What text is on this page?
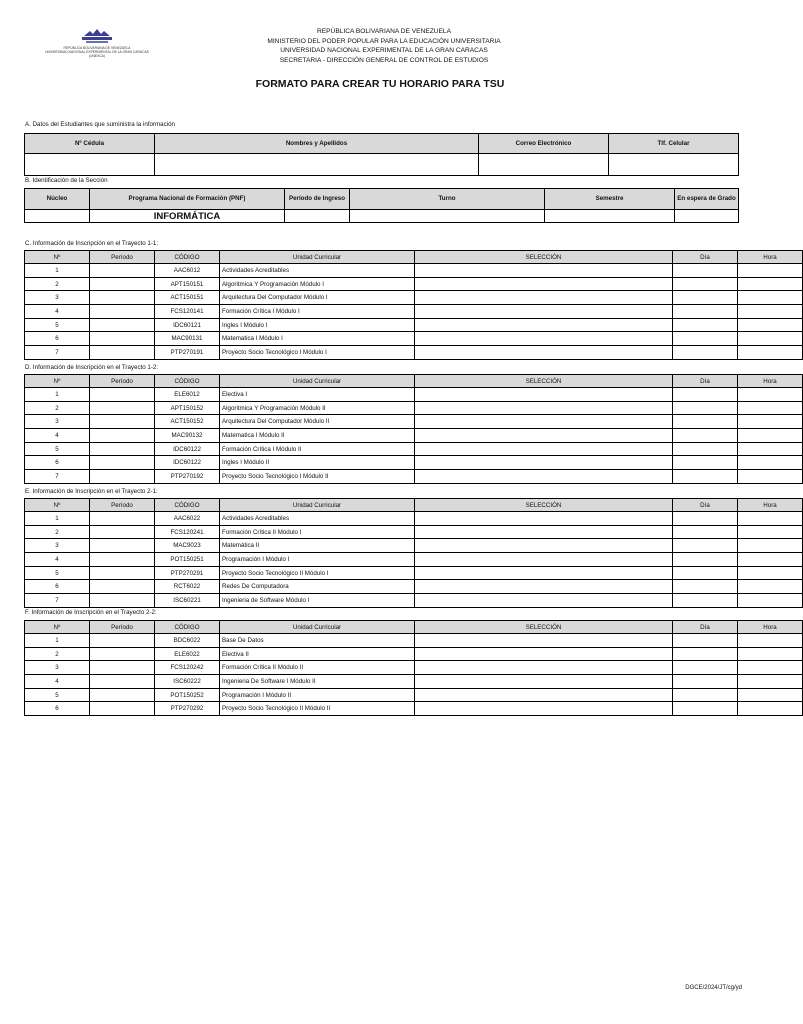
REPÚBLICA BOLIVARIANA DE VENEZUELA
UNIVERSIDAD NACIONAL EXPERIMENTAL DE LA GRAN CARACAS
(UNEXCA)
REPÚBLICA BOLIVARIANA DE VENEZUELA
MINISTERIO DEL PODER POPULAR PARA LA EDUCACIÓN UNIVERSITARIA
UNIVERSIDAD NACIONAL EXPERIMENTAL DE LA GRAN CARACAS
SECRETARIA - DIRECCIÓN GENERAL DE CONTROL DE ESTUDIOS
FORMATO PARA CREAR TU HORARIO PARA TSU
A. Datos del Estudiantes que suministra la información
Nº Cédula	Nombres y Apellidos	Correo Electrónico	Tlf. Celular

B. Identificación de la Sección
Núcleo	Programa Nacional de Formación (PNF)	Período de Ingreso	Turno	Semestre	En espera de Grado
	INFORMÁTICA				
C. Información de Inscripción en el Trayecto 1-1:
Nº	Período	CÓDIGO	Unidad Curricular	SELECCIÓN	Día	Hora
1		AAC6012	Actividades Acreditables			
2		APT150151	Algoritmica Y Programación Módulo I			
3		ACT150151	Arquitectura Del Computador Módulo I			
4		FCS120141	Formación Crítica I Módulo I			
5		IDC60121	Ingles I Módulo I			
6		MAC90131	Matematica I Módulo I			
7		PTP270191	Proyecto Socio Tecnológico I Módulo I			
D. Información de Inscripción en el Trayecto 1-2:
Nº	Período	CÓDIGO	Unidad Curricular	SELECCIÓN	Día	Hora
1		ELE6012	Electiva I			
2		APT150152	Algoritmica Y Programación Módulo II			
3		ACT150152	Arquitectura Del Computador Módulo II			
4		MAC90132	Matematica I Módulo II			
5		IDC60122	Formación Crítica I Módulo II			
6		IDC60122	Ingles I Módulo II			
7		PTP270192	Proyecto Socio Tecnológico I Módulo II			
E. Información de Inscripción en el Trayecto 2-1:
Nº	Período	CÓDIGO	Unidad Curricular	SELECCIÓN	Día	Hora
1		AAC6022	Actividades Acreditables			
2		FCS120241	Formación Crítica II Módulo I			
3		MAC9023	Matemática II			
4		POT150251	Programación I Módulo I			
5		PTP270291	Proyecto Socio Tecnológico II Módulo I			
6		RCT6022	Redes De Computadora			
7		ISC60221	Ingenieria de Software Módulo I			
F. Información de Inscripción en el Trayecto 2-2:
Nº	Período	CÓDIGO	Unidad Curricular	SELECCIÓN	Día	Hora
1		BDC6022	Base De Datos			
2		ELE6022	Electiva II			
3		FCS120242	Formación Crítica II Módulo II			
4		ISC60222	Ingenieria De Software I Módulo II			
5		POT150252	Programación I Módulo II			
6		PTP270292	Proyecto Socio Tecnológico II Módulo II			
DGCE/2024/JT/cg/yd
